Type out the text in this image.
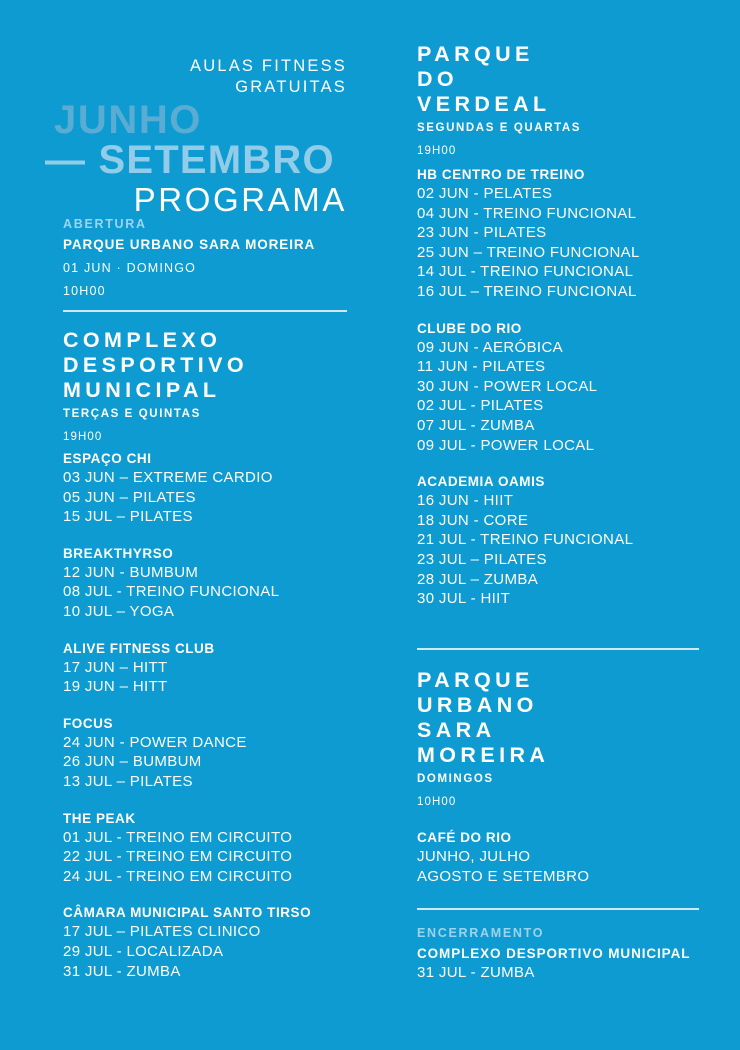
AULAS FITNESS
GRATUITAS
JUNHO
— SETEMBRO
PROGRAMA
ABERTURA
PARQUE URBANO SARA MOREIRA
01 JUN · DOMINGO
10H00
COMPLEXO
DESPORTIVO
MUNICIPAL
TERÇAS E QUINTAS
19H00
ESPAÇO CHI
03 JUN – EXTREME CARDIO
05 JUN – PILATES
15 JUL – PILATES
BREAKTHYRSO
12 JUN - BUMBUM
08 JUL - TREINO FUNCIONAL
10 JUL – YOGA
ALIVE FITNESS CLUB
17 JUN – HITT
19 JUN – HITT
FOCUS
24 JUN - POWER DANCE
26 JUN – BUMBUM
13 JUL – PILATES
THE PEAK
01 JUL - TREINO EM CIRCUITO
22 JUL - TREINO EM CIRCUITO
24 JUL - TREINO EM CIRCUITO
CÂMARA MUNICIPAL SANTO TIRSO
17 JUL – PILATES CLINICO
29 JUL - LOCALIZADA
31 JUL - ZUMBA
PARQUE
DO
VERDEAL
SEGUNDAS E QUARTAS
19H00
HB CENTRO DE TREINO
02 JUN - PELATES
04 JUN - TREINO FUNCIONAL
23 JUN - PILATES
25 JUN – TREINO FUNCIONAL
14 JUL - TREINO FUNCIONAL
16 JUL – TREINO FUNCIONAL
CLUBE DO RIO
09 JUN - AERÓBICA
11 JUN - PILATES
30 JUN - POWER LOCAL
02 JUL - PILATES
07 JUL - ZUMBA
09 JUL - POWER LOCAL
ACADEMIA OAMIS
16 JUN - HIIT
18 JUN - CORE
21 JUL - TREINO FUNCIONAL
23 JUL – PILATES
28 JUL – ZUMBA
30 JUL - HIIT
PARQUE
URBANO
SARA
MOREIRA
DOMINGOS
10H00
CAFÉ DO RIO
JUNHO, JULHO
AGOSTO E SETEMBRO
ENCERRAMENTO
COMPLEXO DESPORTIVO MUNICIPAL
31 JUL - ZUMBA
